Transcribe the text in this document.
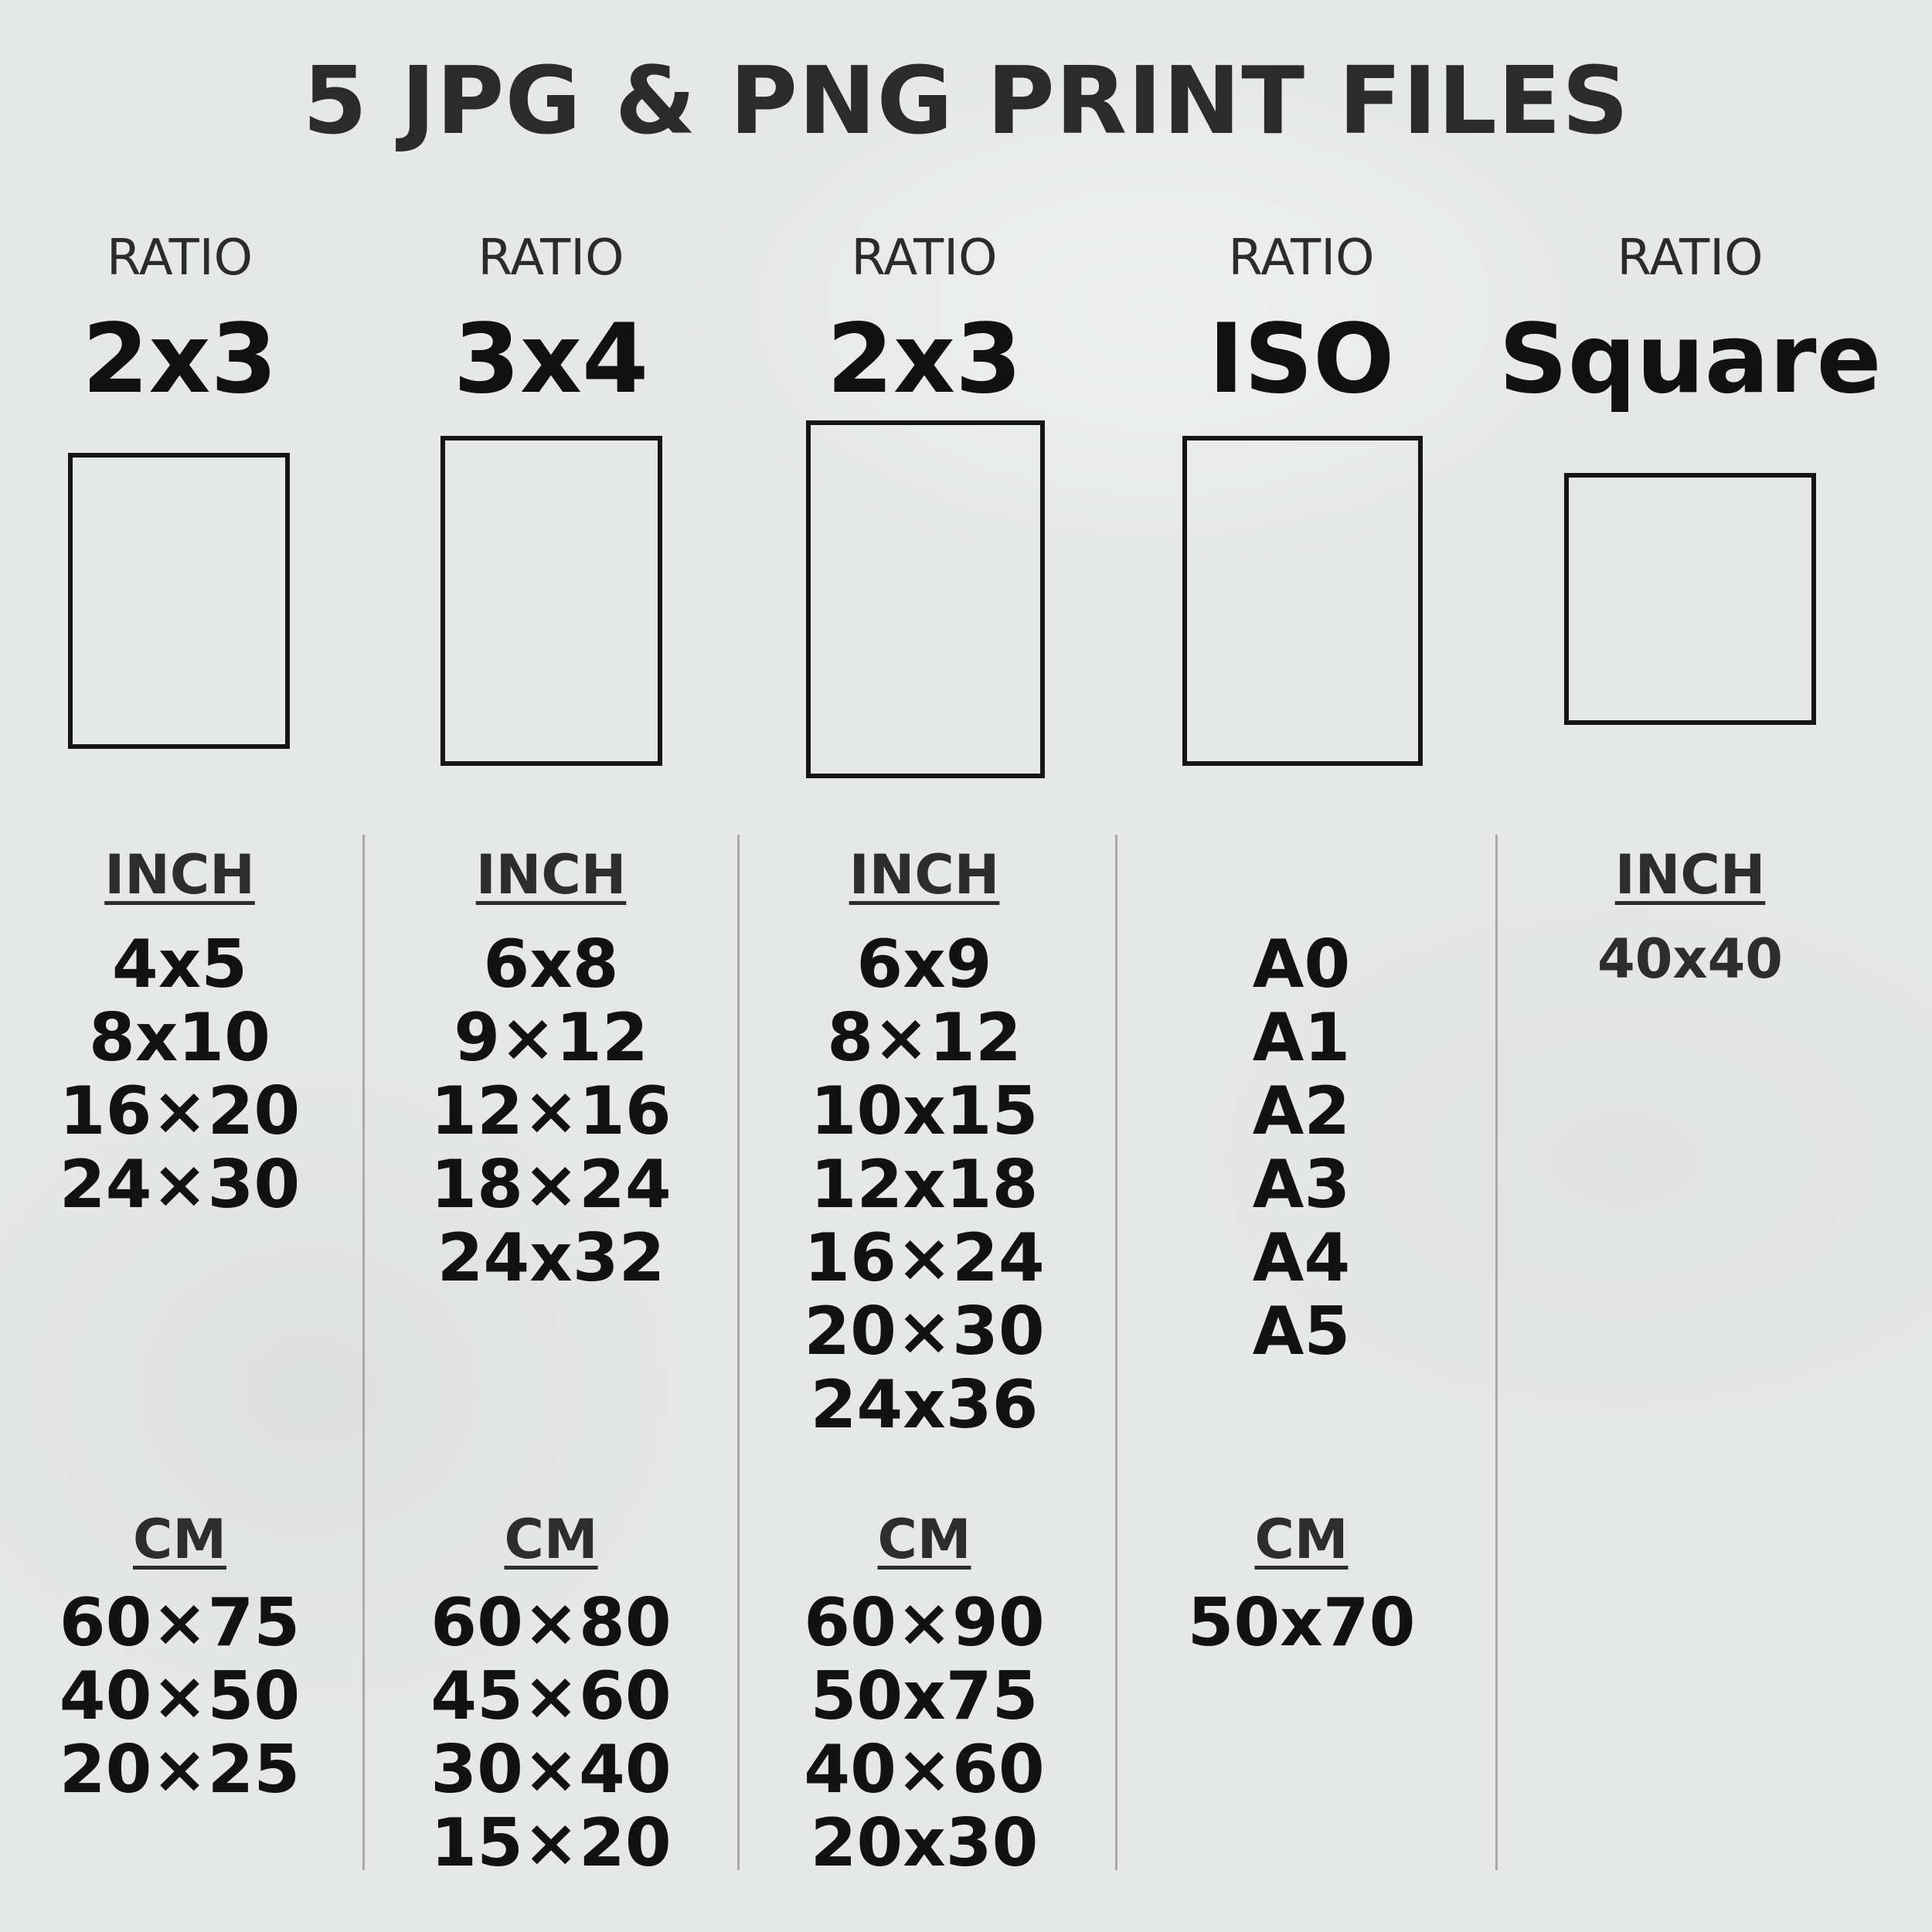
5 JPG & PNG PRINT FILES
RATIO
2x3
INCH
4x5
8x10
16×20
24×30
CM
60×75
40×50
20×25
RATIO
3x4
INCH
6x8
9×12
12×16
18×24
24x32
CM
60×80
45×60
30×40
15×20
RATIO
2x3
INCH
6x9
8×12
10x15
12x18
16×24
20×30
24x36
CM
60×90
50x75
40×60
20x30
RATIO
ISO
A0
A1
A2
A3
A4
A5
CM
50x70
RATIO
Square
INCH
40x40
